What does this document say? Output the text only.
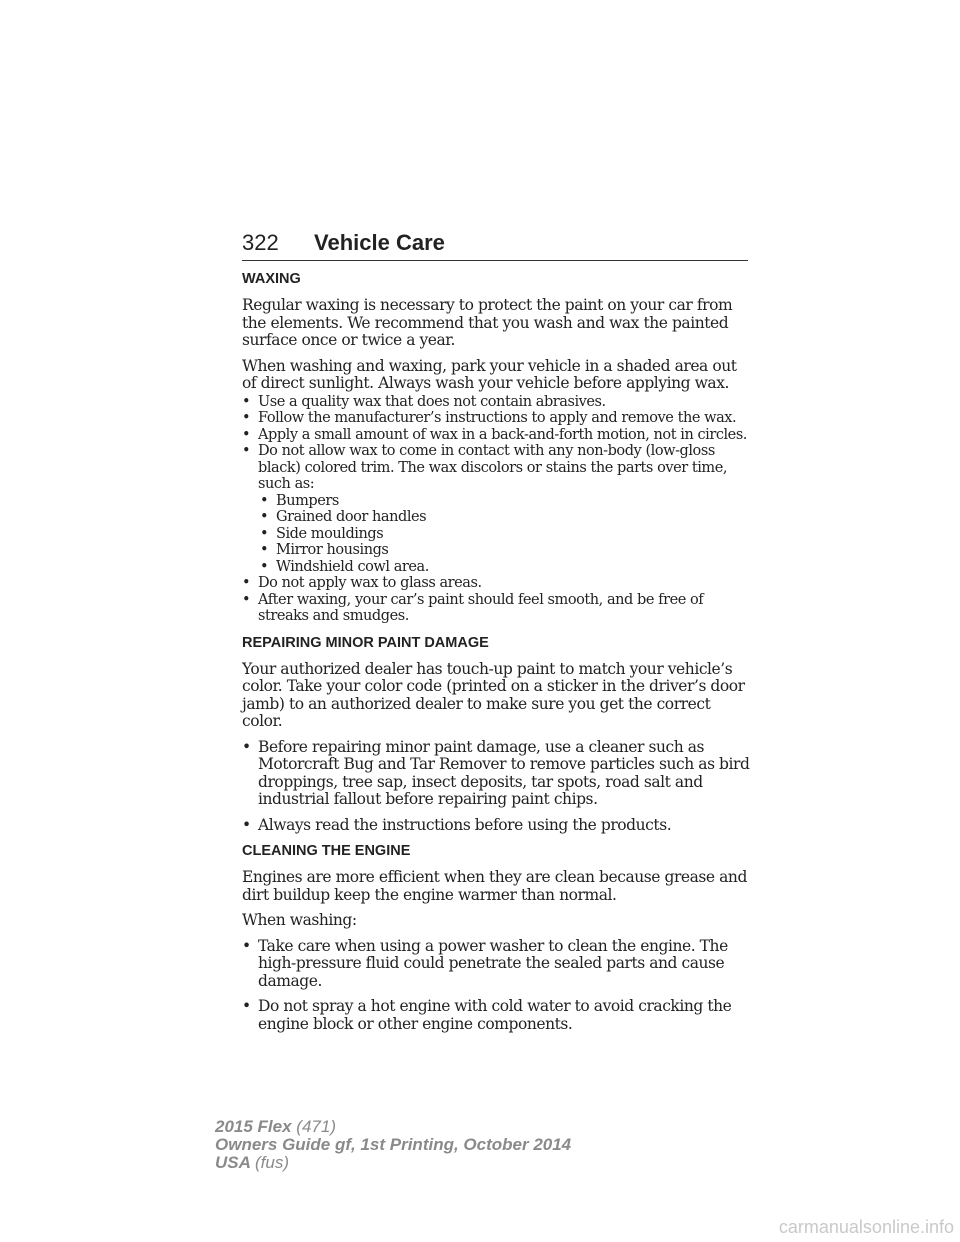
322 Vehicle Care
WAXING
Regular waxing is necessary to protect the paint on your car from the elements. We recommend that you wash and wax the painted surface once or twice a year.
When washing and waxing, park your vehicle in a shaded area out of direct sunlight. Always wash your vehicle before applying wax.
• Use a quality wax that does not contain abrasives.
• Follow the manufacturer’s instructions to apply and remove the wax.
• Apply a small amount of wax in a back-and-forth motion, not in circles.
• Do not allow wax to come in contact with any non-body (low-gloss black) colored trim. The wax discolors or stains the parts over time, such as:
• Bumpers
• Grained door handles
• Side mouldings
• Mirror housings
• Windshield cowl area.
• Do not apply wax to glass areas.
• After waxing, your car’s paint should feel smooth, and be free of streaks and smudges.
REPAIRING MINOR PAINT DAMAGE
Your authorized dealer has touch-up paint to match your vehicle’s color. Take your color code (printed on a sticker in the driver’s door jamb) to an authorized dealer to make sure you get the correct color.
• Before repairing minor paint damage, use a cleaner such as Motorcraft Bug and Tar Remover to remove particles such as bird droppings, tree sap, insect deposits, tar spots, road salt and industrial fallout before repairing paint chips.
• Always read the instructions before using the products.
CLEANING THE ENGINE
Engines are more efficient when they are clean because grease and dirt buildup keep the engine warmer than normal.
When washing:
• Take care when using a power washer to clean the engine. The high-pressure fluid could penetrate the sealed parts and cause damage.
• Do not spray a hot engine with cold water to avoid cracking the engine block or other engine components.
2015 Flex (471)
Owners Guide gf, 1st Printing, October 2014
USA (fus)
carmanualsonline.info
